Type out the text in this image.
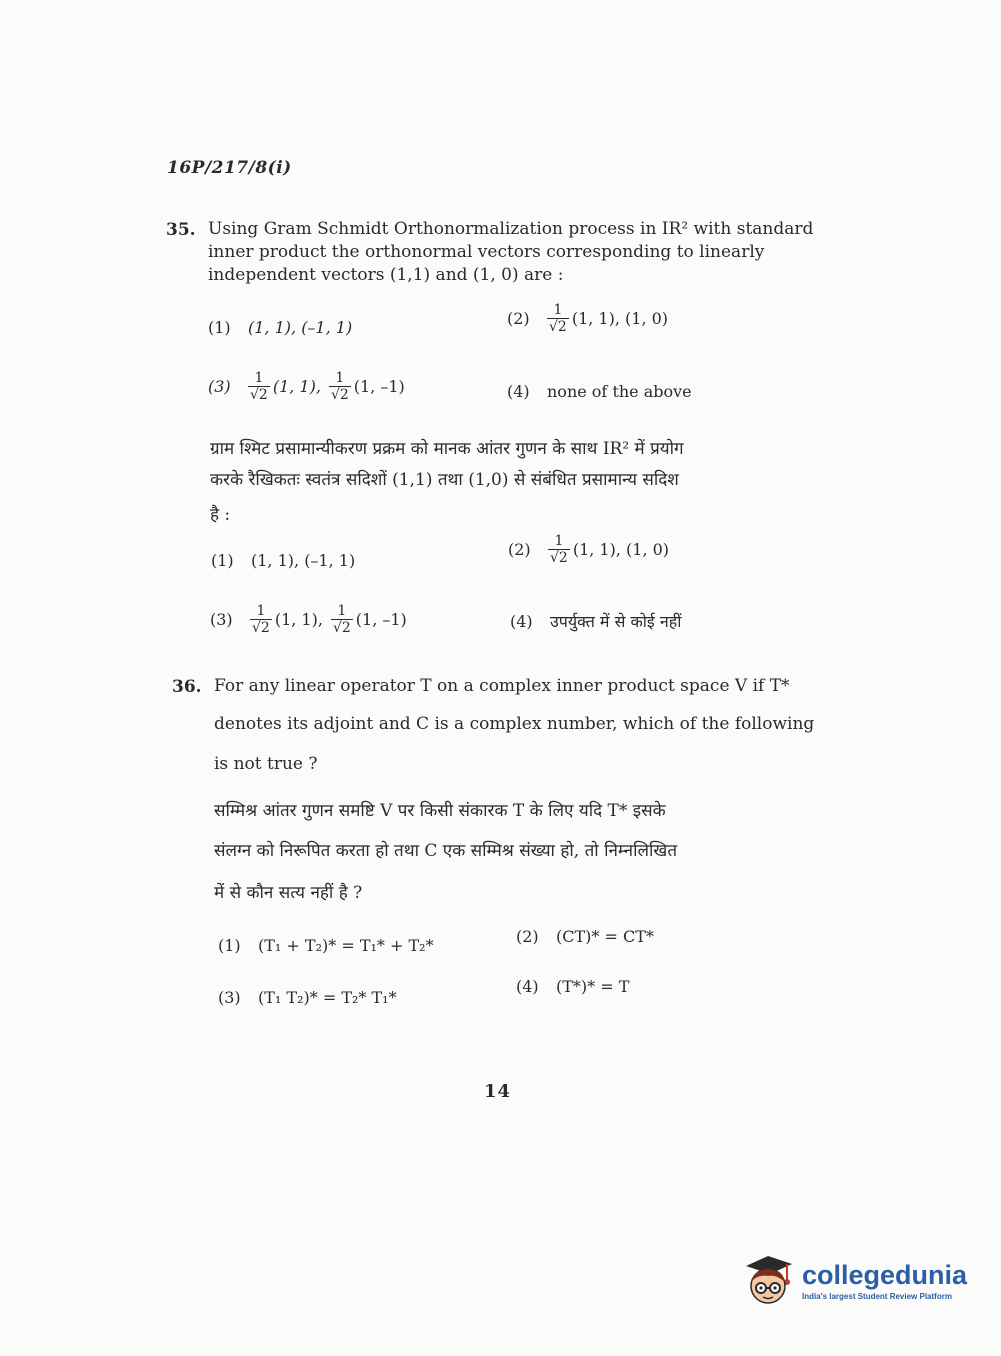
16P/217/8(i)
35. Using Gram Schmidt Orthonormalization process in IR² with standard
inner product the orthonormal vectors corresponding to linearly
independent vectors (1,1) and (1, 0) are :
(1)	(1, 1), (–1, 1)	(2)	$\frac{1}{√2} (1$, 1), (1, 0)
(3)	$\frac{1}{√2} (1$, 1), $\frac{1}{√2} (1$, –1)	(4)	none of the above
ग्राम श्मिट प्रसामान्यीकरण प्रक्रम को मानक आंतर गुणन के साथ IR² में प्रयोग
करके रैखिकतः स्वतंत्र सदिशों (1,1) तथा (1,0) से संबंधित प्रसामान्य सदिश
है :
(1)	(1, 1), (–1, 1)
(2)	$\frac{1}{√2} (1$, 1), (1, 0)
(3)	$\frac{1}{√2} (1$, 1), $\frac{1}{√2} (1$, –1)	(4)	उपर्युक्त में से कोई नहीं
36. For any linear operator T on a complex inner product space V if T*
denotes its adjoint and C is a complex number, which of the following
is not true ?
सम्मिश्र आंतर गुणन समष्टि V पर किसी संकारक T के लिए यदि T* इसके
संलग्न को निरूपित करता हो तथा C एक सम्मिश्र संख्या हो, तो निम्नलिखित
में से कौन सत्य नहीं है ?
(1)	(T₁ + T₂)* = T₁* + T₂*	(2)	(CT)* = CT*
(3)	(T₁ T₂)* = T₂* T₁*
(4)	(T*)* = T
14
collegedunia
India's largest Student Review Platform
